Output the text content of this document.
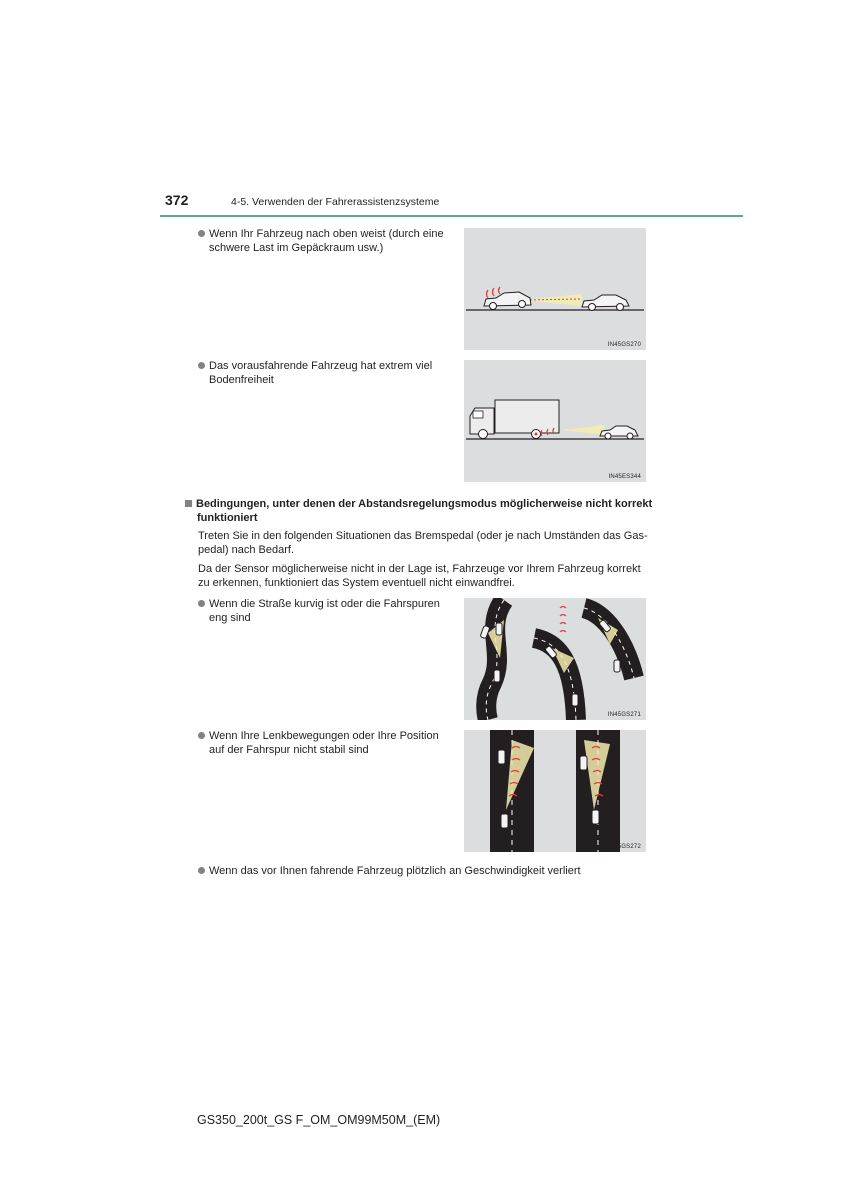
372	4-5. Verwenden der Fahrerassistenzsysteme
Wenn Ihr Fahrzeug nach oben weist (durch eine
schwere Last im Gepäckraum usw.)
IN45GS270
Das vorausfahrende Fahrzeug hat extrem viel
Bodenfreiheit
IN45ES344
Bedingungen, unter denen der Abstandsregelungsmodus möglicherweise nicht korrekt
funktioniert
Treten Sie in den folgenden Situationen das Bremspedal (oder je nach Umständen das Gas-
pedal) nach Bedarf.
Da der Sensor möglicherweise nicht in der Lage ist, Fahrzeuge vor Ihrem Fahrzeug korrekt
zu erkennen, funktioniert das System eventuell nicht einwandfrei.
Wenn die Straße kurvig ist oder die Fahrspuren
eng sind
IN45GS271
Wenn Ihre Lenkbewegungen oder Ihre Position
auf der Fahrspur nicht stabil sind
IN45GS272
Wenn das vor Ihnen fahrende Fahrzeug plötzlich an Geschwindigkeit verliert
GS350_200t_GS F_OM_OM99M50M_(EM)
